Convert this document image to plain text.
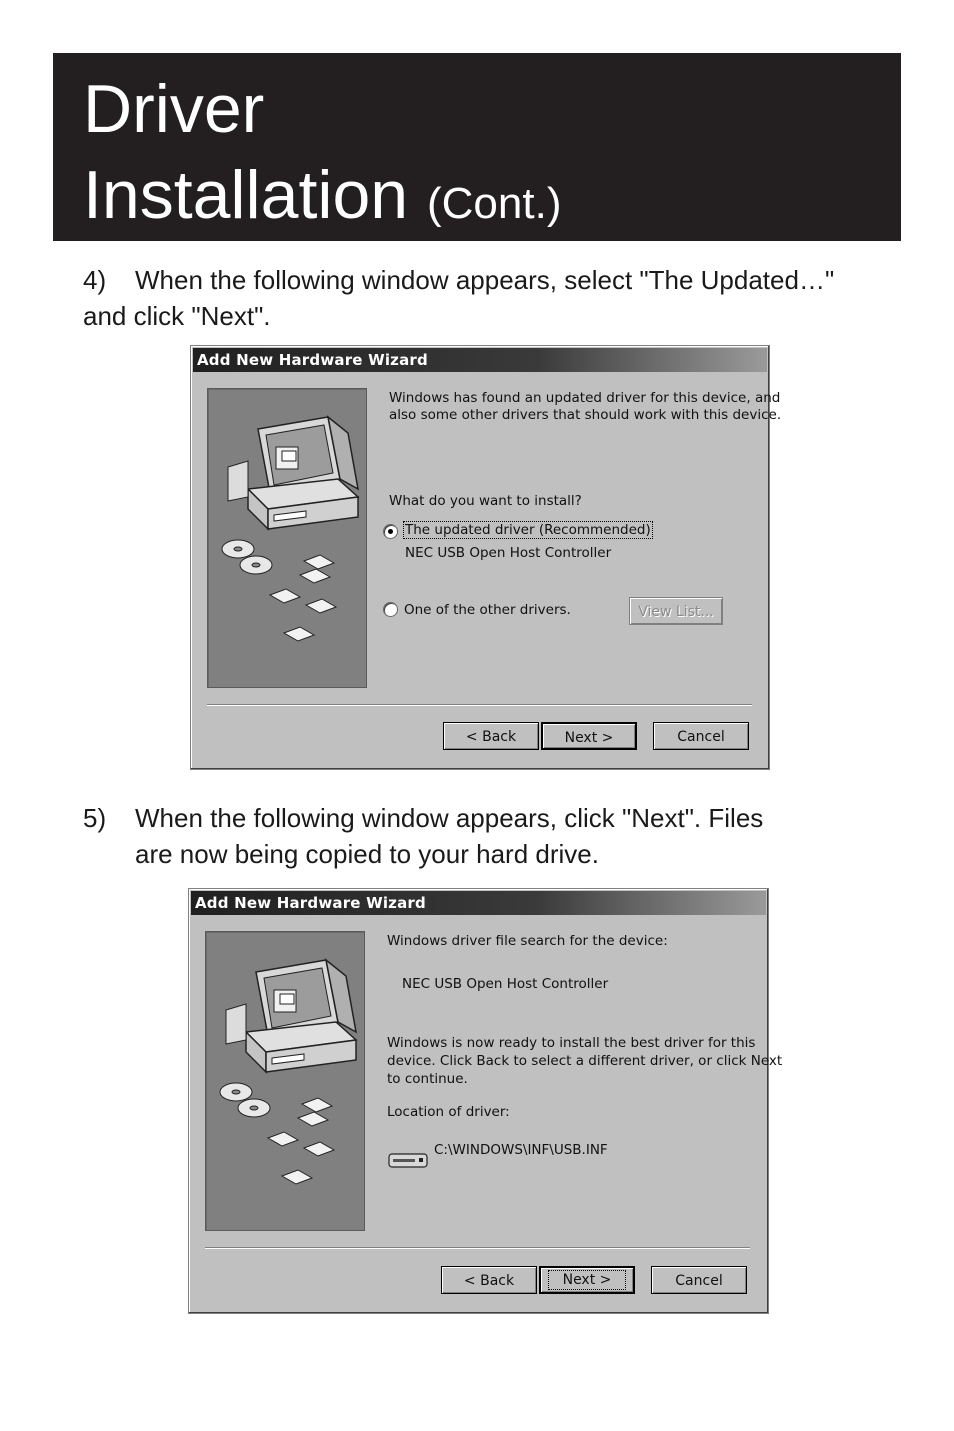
Driver
Installation (Cont.)
4) When the following window appears, select "The Updated…" and click "Next".
Add New Hardware Wizard
Windows has found an updated driver for this device, and
also some other drivers that should work with this device.
What do you want to install?
The updated driver (Recommended)
NEC USB Open Host Controller
One of the other drivers.	View List...
< Back	Next >	Cancel
5) When the following window appears, click "Next". Files
are now being copied to your hard drive.
Add New Hardware Wizard
Windows driver file search for the device:
NEC USB Open Host Controller
Windows is now ready to install the best driver for this
device. Click Back to select a different driver, or click Next
to continue.
Location of driver:
C:\WINDOWS\INF\USB.INF
< Back	Next >	Cancel
